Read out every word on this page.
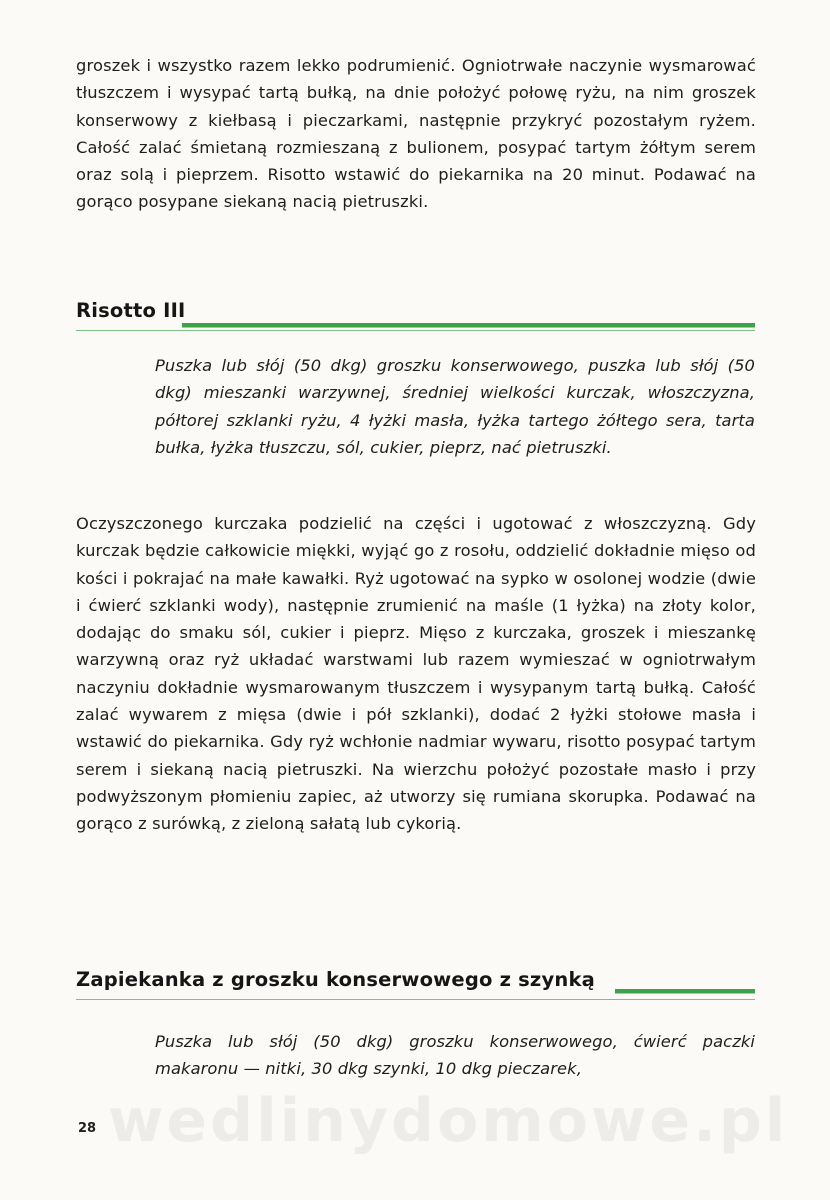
groszek i wszystko razem lekko podrumienić. Ogniotrwałe naczynie wysmarować tłuszczem i wysypać tartą bułką, na dnie położyć połowę ryżu, na nim groszek konserwowy z kiełbasą i pieczarkami, następnie przykryć pozostałym ryżem. Całość zalać śmietaną rozmieszaną z bulionem, posypać tartym żółtym serem oraz solą i pieprzem. Risotto wstawić do piekarnika na 20 minut. Podawać na gorąco posypane siekaną nacią pietruszki.
Risotto III
Puszka lub słój (50 dkg) groszku konserwowego, puszka lub słój (50 dkg) mieszanki warzywnej, średniej wielkości kurczak, włoszczyzna, półtorej szklanki ryżu, 4 łyżki masła, łyżka tartego żółtego sera, tarta bułka, łyżka tłuszczu, sól, cukier, pieprz, nać pietruszki.
Oczyszczonego kurczaka podzielić na części i ugotować z włoszczyzną. Gdy kurczak będzie całkowicie miękki, wyjąć go z rosołu, oddzielić dokładnie mięso od kości i pokrajać na małe kawałki. Ryż ugotować na sypko w osolonej wodzie (dwie i ćwierć szklanki wody), następnie zrumienić na maśle (1 łyżka) na złoty kolor, dodając do smaku sól, cukier i pieprz. Mięso z kurczaka, groszek i mieszankę warzywną oraz ryż układać warstwami lub razem wymieszać w ogniotrwałym naczyniu dokładnie wysmarowanym tłuszczem i wysypanym tartą bułką. Całość zalać wywarem z mięsa (dwie i pół szklanki), dodać 2 łyżki stołowe masła i wstawić do piekarnika. Gdy ryż wchłonie nadmiar wywaru, risotto posypać tartym serem i siekaną nacią pietruszki. Na wierzchu położyć pozostałe masło i przy podwyższonym płomieniu zapiec, aż utworzy się rumiana skorupka. Podawać na gorąco z surówką, z zieloną sałatą lub cykorią.
Zapiekanka z groszku konserwowego z szynką
Puszka lub słój (50 dkg) groszku konserwowego, ćwierć paczki makaronu — nitki, 30 dkg szynki, 10 dkg pieczarek,
wedlinydomowe.pl
28
